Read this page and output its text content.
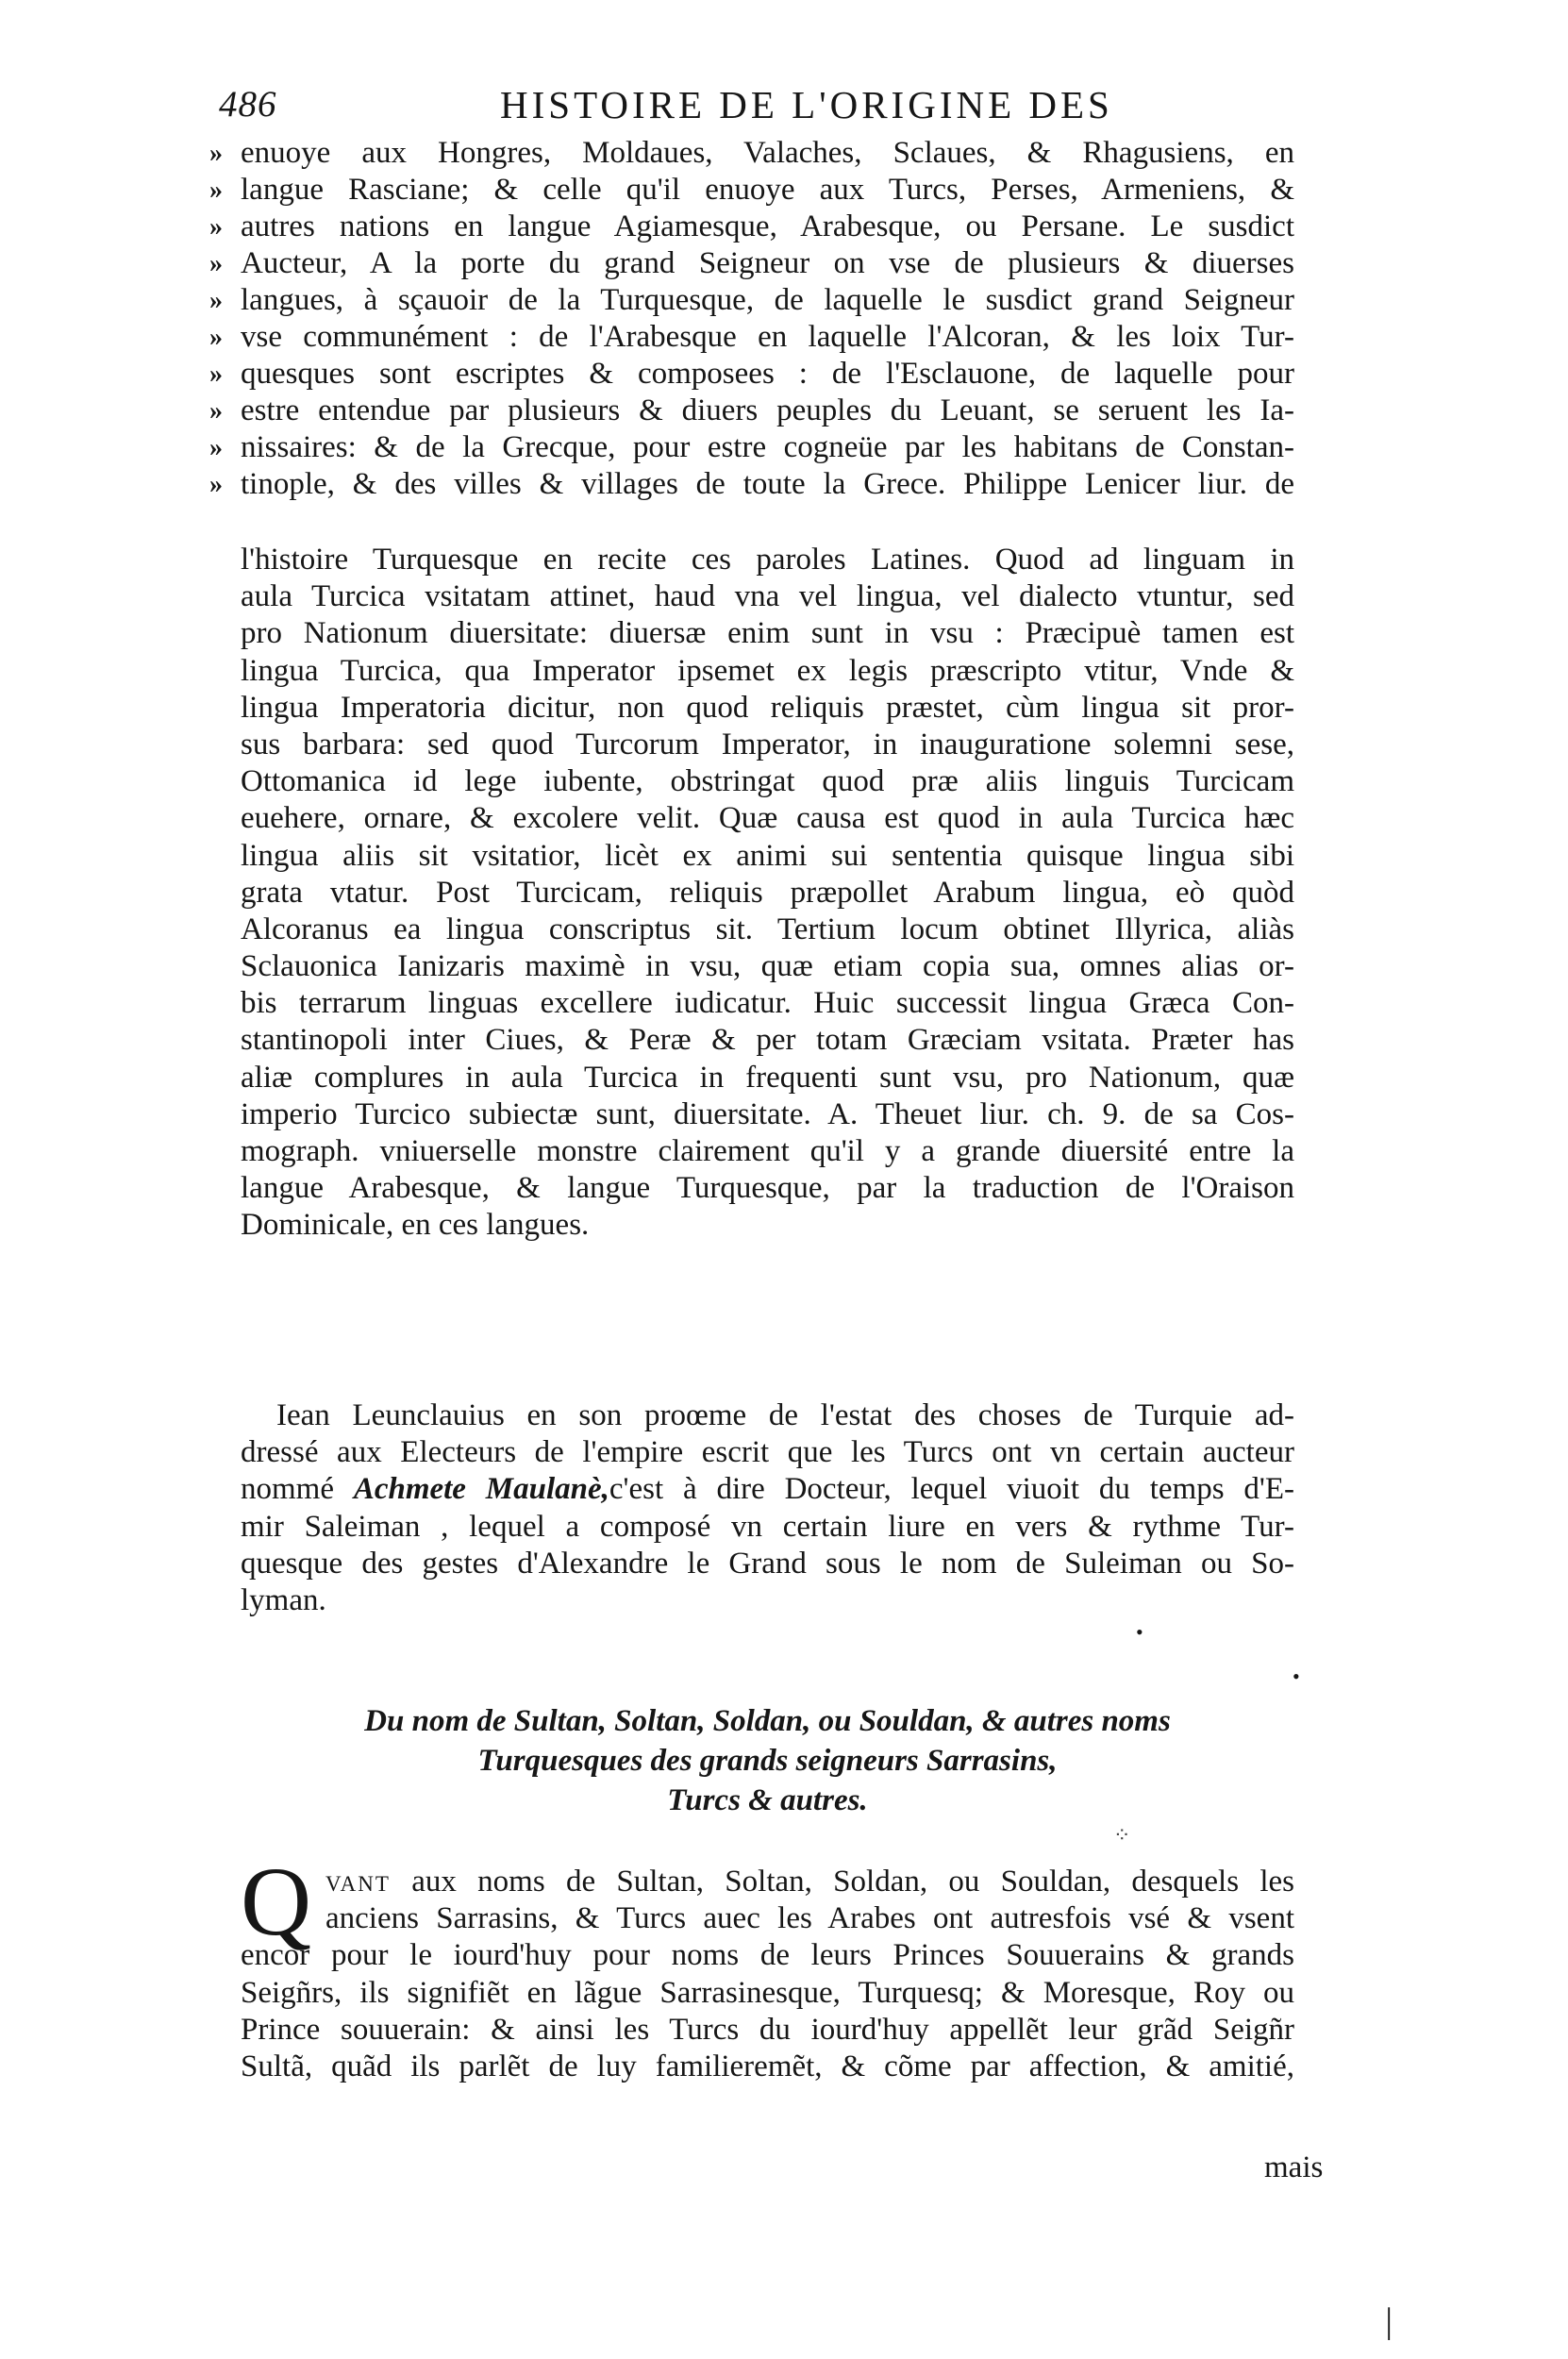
486	HISTOIRE DE L'ORIGINE DES
» enuoye aux Hongres, Moldaues, Valaches, Sclaues, & Rhagusiens, en
» langue Rasciane; & celle qu'il enuoye aux Turcs, Perses, Armeniens, &
» autres nations en langue Agiamesque, Arabesque, ou Persane. Le susdict
» Aucteur, A la porte du grand Seigneur on vse de plusieurs & diuerses
» langues, à sçauoir de la Turquesque, de laquelle le susdict grand Seigneur
» vse communément : de l'Arabesque en laquelle l'Alcoran, & les loix Tur-
» quesques sont escriptes & composees : de l'Esclauone, de laquelle pour
» estre entendue par plusieurs & diuers peuples du Leuant, se seruent les Ia-
» nissaires: & de la Grecque, pour estre cogneüe par les habitans de Constan-
» tinople, & des villes & villages de toute la Grece. Philippe Lenicer liur. de
l'histoire Turquesque en recite ces paroles Latines. Quod ad linguam in
aula Turcica vsitatam attinet, haud vna vel lingua, vel dialecto vtuntur, sed
pro Nationum diuersitate: diuersæ enim sunt in vsu : Præcipuè tamen est
lingua Turcica, qua Imperator ipsemet ex legis præscripto vtitur, Vnde &
lingua Imperatoria dicitur, non quod reliquis præstet, cùm lingua sit pror-
sus barbara: sed quod Turcorum Imperator, in inauguratione solemni sese,
Ottomanica id lege iubente, obstringat quod præ aliis linguis Turcicam
euehere, ornare, & excolere velit. Quæ causa est quod in aula Turcica hæc
lingua aliis sit vsitatior, licèt ex animi sui sententia quisque lingua sibi
grata vtatur. Post Turcicam, reliquis præpollet Arabum lingua, eò quòd
Alcoranus ea lingua conscriptus sit. Tertium locum obtinet Illyrica, aliàs
Sclauonica Ianizaris maximè in vsu, quæ etiam copia sua, omnes alias or-
bis terrarum linguas excellere iudicatur. Huic successit lingua Græca Con-
stantinopoli inter Ciues, & Peræ & per totam Græciam vsitata. Præter has
aliæ complures in aula Turcica in frequenti sunt vsu, pro Nationum, quæ
imperio Turcico subiectæ sunt, diuersitate. A. Theuet liur. ch. 9. de sa Cos-
mograph. vniuerselle monstre clairement qu'il y a grande diuersité entre la
langue Arabesque, & langue Turquesque, par la traduction de l'Oraison
Dominicale, en ces langues.
Iean Leunclauius en son proœme de l'estat des choses de Turquie ad-
dressé aux Electeurs de l'empire escrit que les Turcs ont vn certain aucteur
nommé Achmete Maulanè,c'est à dire Docteur, lequel viuoit du temps d'E-
mir Saleiman , lequel a composé vn certain liure en vers & rythme Tur-
quesque des gestes d'Alexandre le Grand sous le nom de Suleiman ou So-
lyman.
•
•
Du nom de Sultan, Soltan, Soldan, ou Souldan, & autres noms
Turquesques des grands seigneurs Sarrasins,
Turcs & autres.
⁘
Q vant aux noms de Sultan, Soltan, Soldan, ou Souldan, desquels les
anciens Sarrasins, & Turcs auec les Arabes ont autresfois vsé & vsent
encor pour le iourd'huy pour noms de leurs Princes Souuerains & grands
Seigñrs, ils signifiẽt en lãgue Sarrasinesque, Turquesq; & Moresque, Roy ou
Prince souuerain: & ainsi les Turcs du iourd'huy appellẽt leur grãd Seigñr
Sultã, quãd ils parlẽt de luy familieremẽt, & cõme par affection, & amitié,
mais
|
